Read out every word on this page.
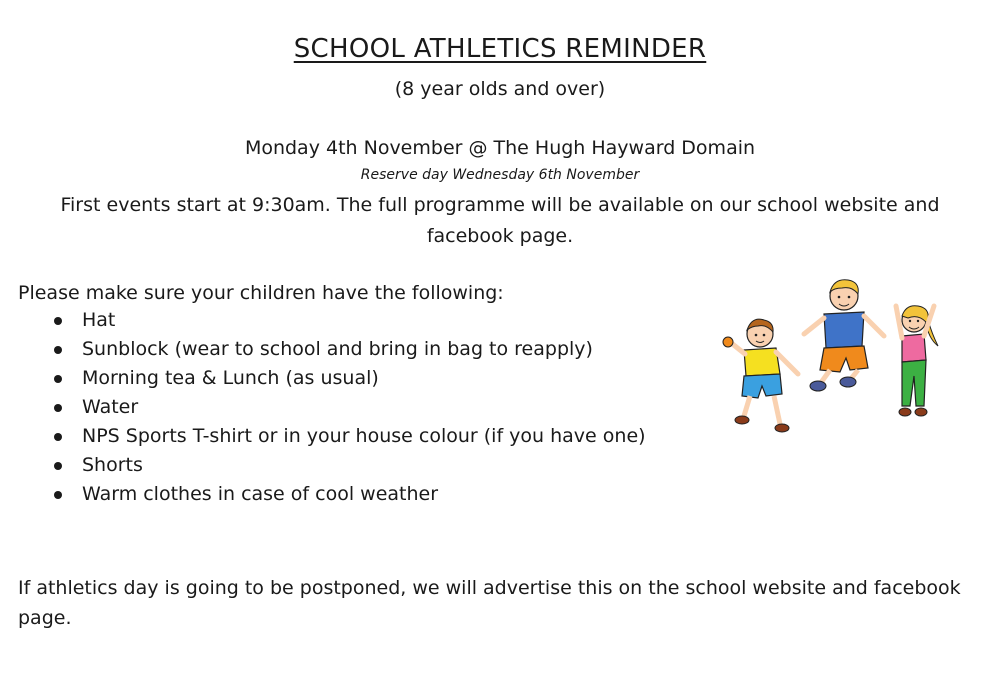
SCHOOL ATHLETICS REMINDER
(8 year olds and over)
Monday 4th November @ The Hugh Hayward Domain
Reserve day Wednesday 6th November
First events start at 9:30am. The full programme will be available on our school website and facebook page.
Please make sure your children have the following:
Hat
Sunblock (wear to school and bring in bag to reapply)
Morning tea & Lunch (as usual)
Water
NPS Sports T-shirt or in your house colour (if you have one)
Shorts
Warm clothes in case of cool weather
If athletics day is going to be postponed, we will advertise this on the school website and facebook page.
